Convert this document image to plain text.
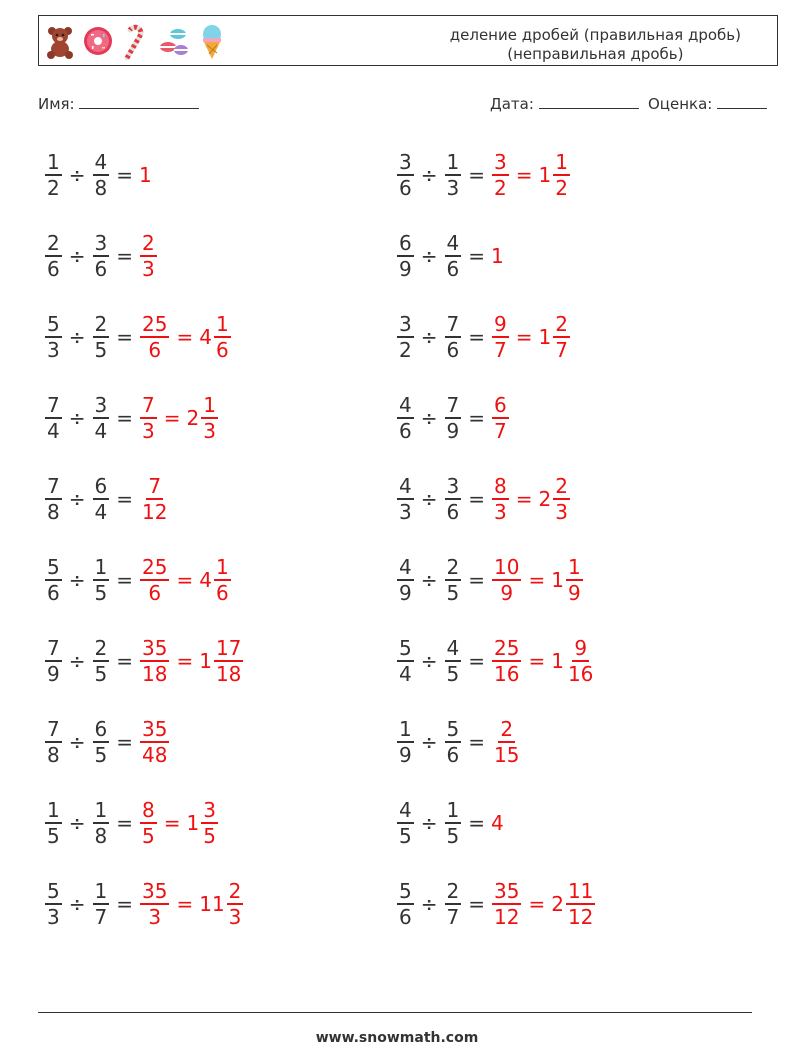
деление дробей (правильная дробь)
(неправильная дробь)
Имя:	Дата:	Оценка:
$\frac{1}{2} \div \frac{4}{8} = 1$	$\frac{3}{6} \div \frac{1}{3} = \frac{3}{2} = 1 \frac{1}{2}$
$\frac{2}{6} \div \frac{3}{6} = \frac{2}{3}$	$\frac{6}{9} \div \frac{4}{6} = 1$
$\frac{5}{3} \div \frac{2}{5} = \frac{25}{6} = 4 \frac{1}{6}$	$\frac{3}{2} \div \frac{7}{6} = \frac{9}{7} = 1 \frac{2}{7}$
$\frac{7}{4} \div \frac{3}{4} = \frac{7}{3} = 2 \frac{1}{3}$	$\frac{4}{6} \div \frac{7}{9} = \frac{6}{7}$
$\frac{7}{8} \div \frac{6}{4} = \frac{7}{12}$	$\frac{4}{3} \div \frac{3}{6} = \frac{8}{3} = 2 \frac{2}{3}$
$\frac{5}{6} \div \frac{1}{5} = \frac{25}{6} = 4 \frac{1}{6}$	$\frac{4}{9} \div \frac{2}{5} = \frac{10}{9} = 1 \frac{1}{9}$
$\frac{7}{9} \div \frac{2}{5} = \frac{35}{18} = 1 \frac{17}{18}$	$\frac{5}{4} \div \frac{4}{5} = \frac{25}{16} = 1 \frac{9}{16}$
$\frac{7}{8} \div \frac{6}{5} = \frac{35}{48}$	$\frac{1}{9} \div \frac{5}{6} = \frac{2}{15}$
$\frac{1}{5} \div \frac{1}{8} = \frac{8}{5} = 1 \frac{3}{5}$	$\frac{4}{5} \div \frac{1}{5} = 4$
$\frac{5}{3} \div \frac{1}{7} = \frac{35}{3} = 11 \frac{2}{3}$	$\frac{5}{6} \div \frac{2}{7} = \frac{35}{12} = 2 \frac{11}{12}$
www.snowmath.com
